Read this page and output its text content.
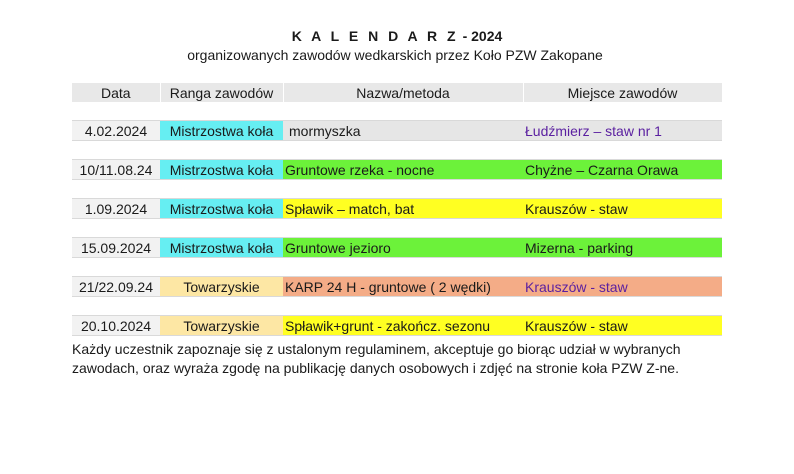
K A L E N D A R Z - 2024
organizowanych zawodów wedkarskich przez Koło PZW Zakopane
Data	Ranga zawodów	Nazwa/metoda	Miejsce zawodów

4.02.2024	Mistrzostwa koła	mormyszka	Łudźmierz – staw nr 1

10/11.08.24	Mistrzostwa koła	Gruntowe rzeka - nocne	Chyżne – Czarna Orawa

1.09.2024	Mistrzostwa koła	Spławik – match, bat	Krauszów - staw

15.09.2024	Mistrzostwa koła	Gruntowe jezioro	Mizerna - parking

21/22.09.24	Towarzyskie	KARP 24 H - gruntowe ( 2 wędki)	Krauszów - staw

20.10.2024	Towarzyskie	Spławik+grunt - zakończ. sezonu	Krauszów - staw
Każdy uczestnik zapoznaje się z ustalonym regulaminem, akceptuje go biorąc udział w wybranych zawodach, oraz wyraża zgodę na publikację danych osobowych i zdjęć na stronie koła PZW Z-ne.
